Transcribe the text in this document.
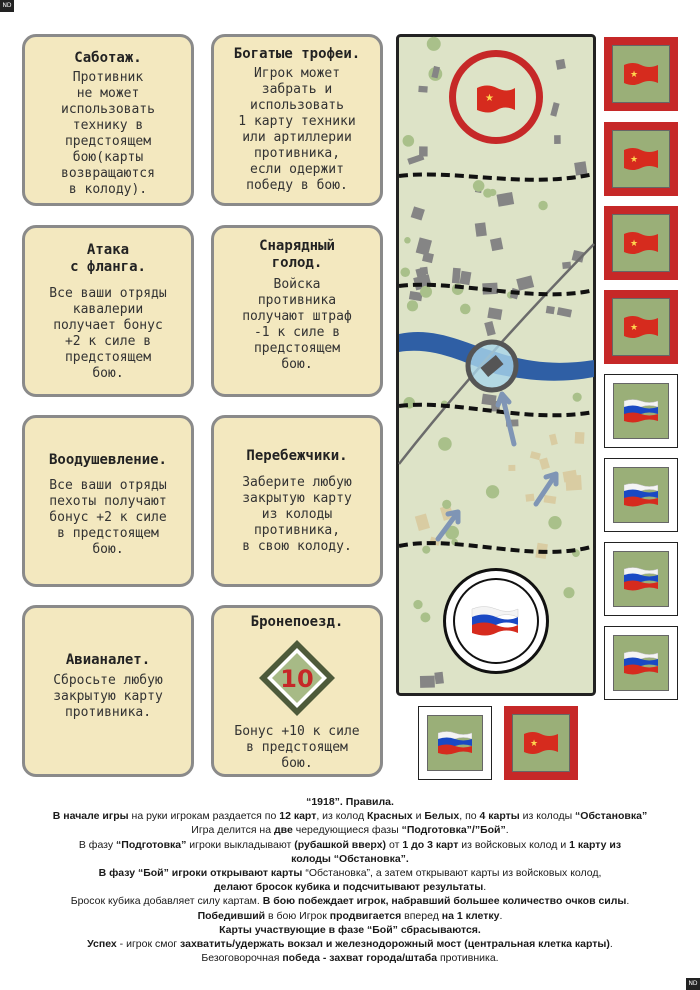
ND
ND
Саботаж.
Противник
не может
использовать
технику в
предстоящем
бою(карты
возвращаются
в колоду).
Богатые трофеи.
Игрок может
забрать и
использовать
1 карту техники
или артиллерии
противника,
если одержит
победу в бою.
Атака
с фланга.
Все ваши отряды
кавалерии
получает бонус
+2 к силе в
предстоящем
бою.
Снарядный
голод.
Войска
противника
получают штраф
-1 к силе в
предстоящем
бою.
Воодушевление.
Все ваши отряды
пехоты получают
бонус +2 к силе
в предстоящем
бою.
Перебежчики.
Заберите любую
закрытую карту
из колоды
противника,
в свою колоду.
Авианалет.
Сбросьте любую
закрытую карту
противника.
Бронепоезд.
10
Бонус +10 к силе
в предстоящем
бою.
★
★
★
★
★
★

“1918”. Правила.

В начале игры на руки игрокам раздается по 12 карт, из колод Красных и Белых, по 4 карты из колоды “Обстановка”

Игра делится на две чередующиеся фазы “Подготовка”/”Бой”.

В фазу “Подготовка” игроки выкладывают (рубашкой вверх) от 1 до 3 карт из войсковых колод и 1 карту из

колоды “Обстановка”.

В фазу “Бой” игроки открывают карты “Обстановка”, а затем открывают карты из войсковых колод,

делают бросок кубика и подсчитывают результаты.

Бросок кубика добавляет силу картам. В бою побеждает игрок, набравший большее количество очков силы.

Победивший в бою Игрок продвигается вперед на 1 клетку.

Карты участвующие в фазе “Бой” сбрасываются.

Успех - игрок смог захватить/удержать вокзал и железнодорожный мост (центральная клетка карты).

Безоговорочная победа - захват города/штаба противника.
